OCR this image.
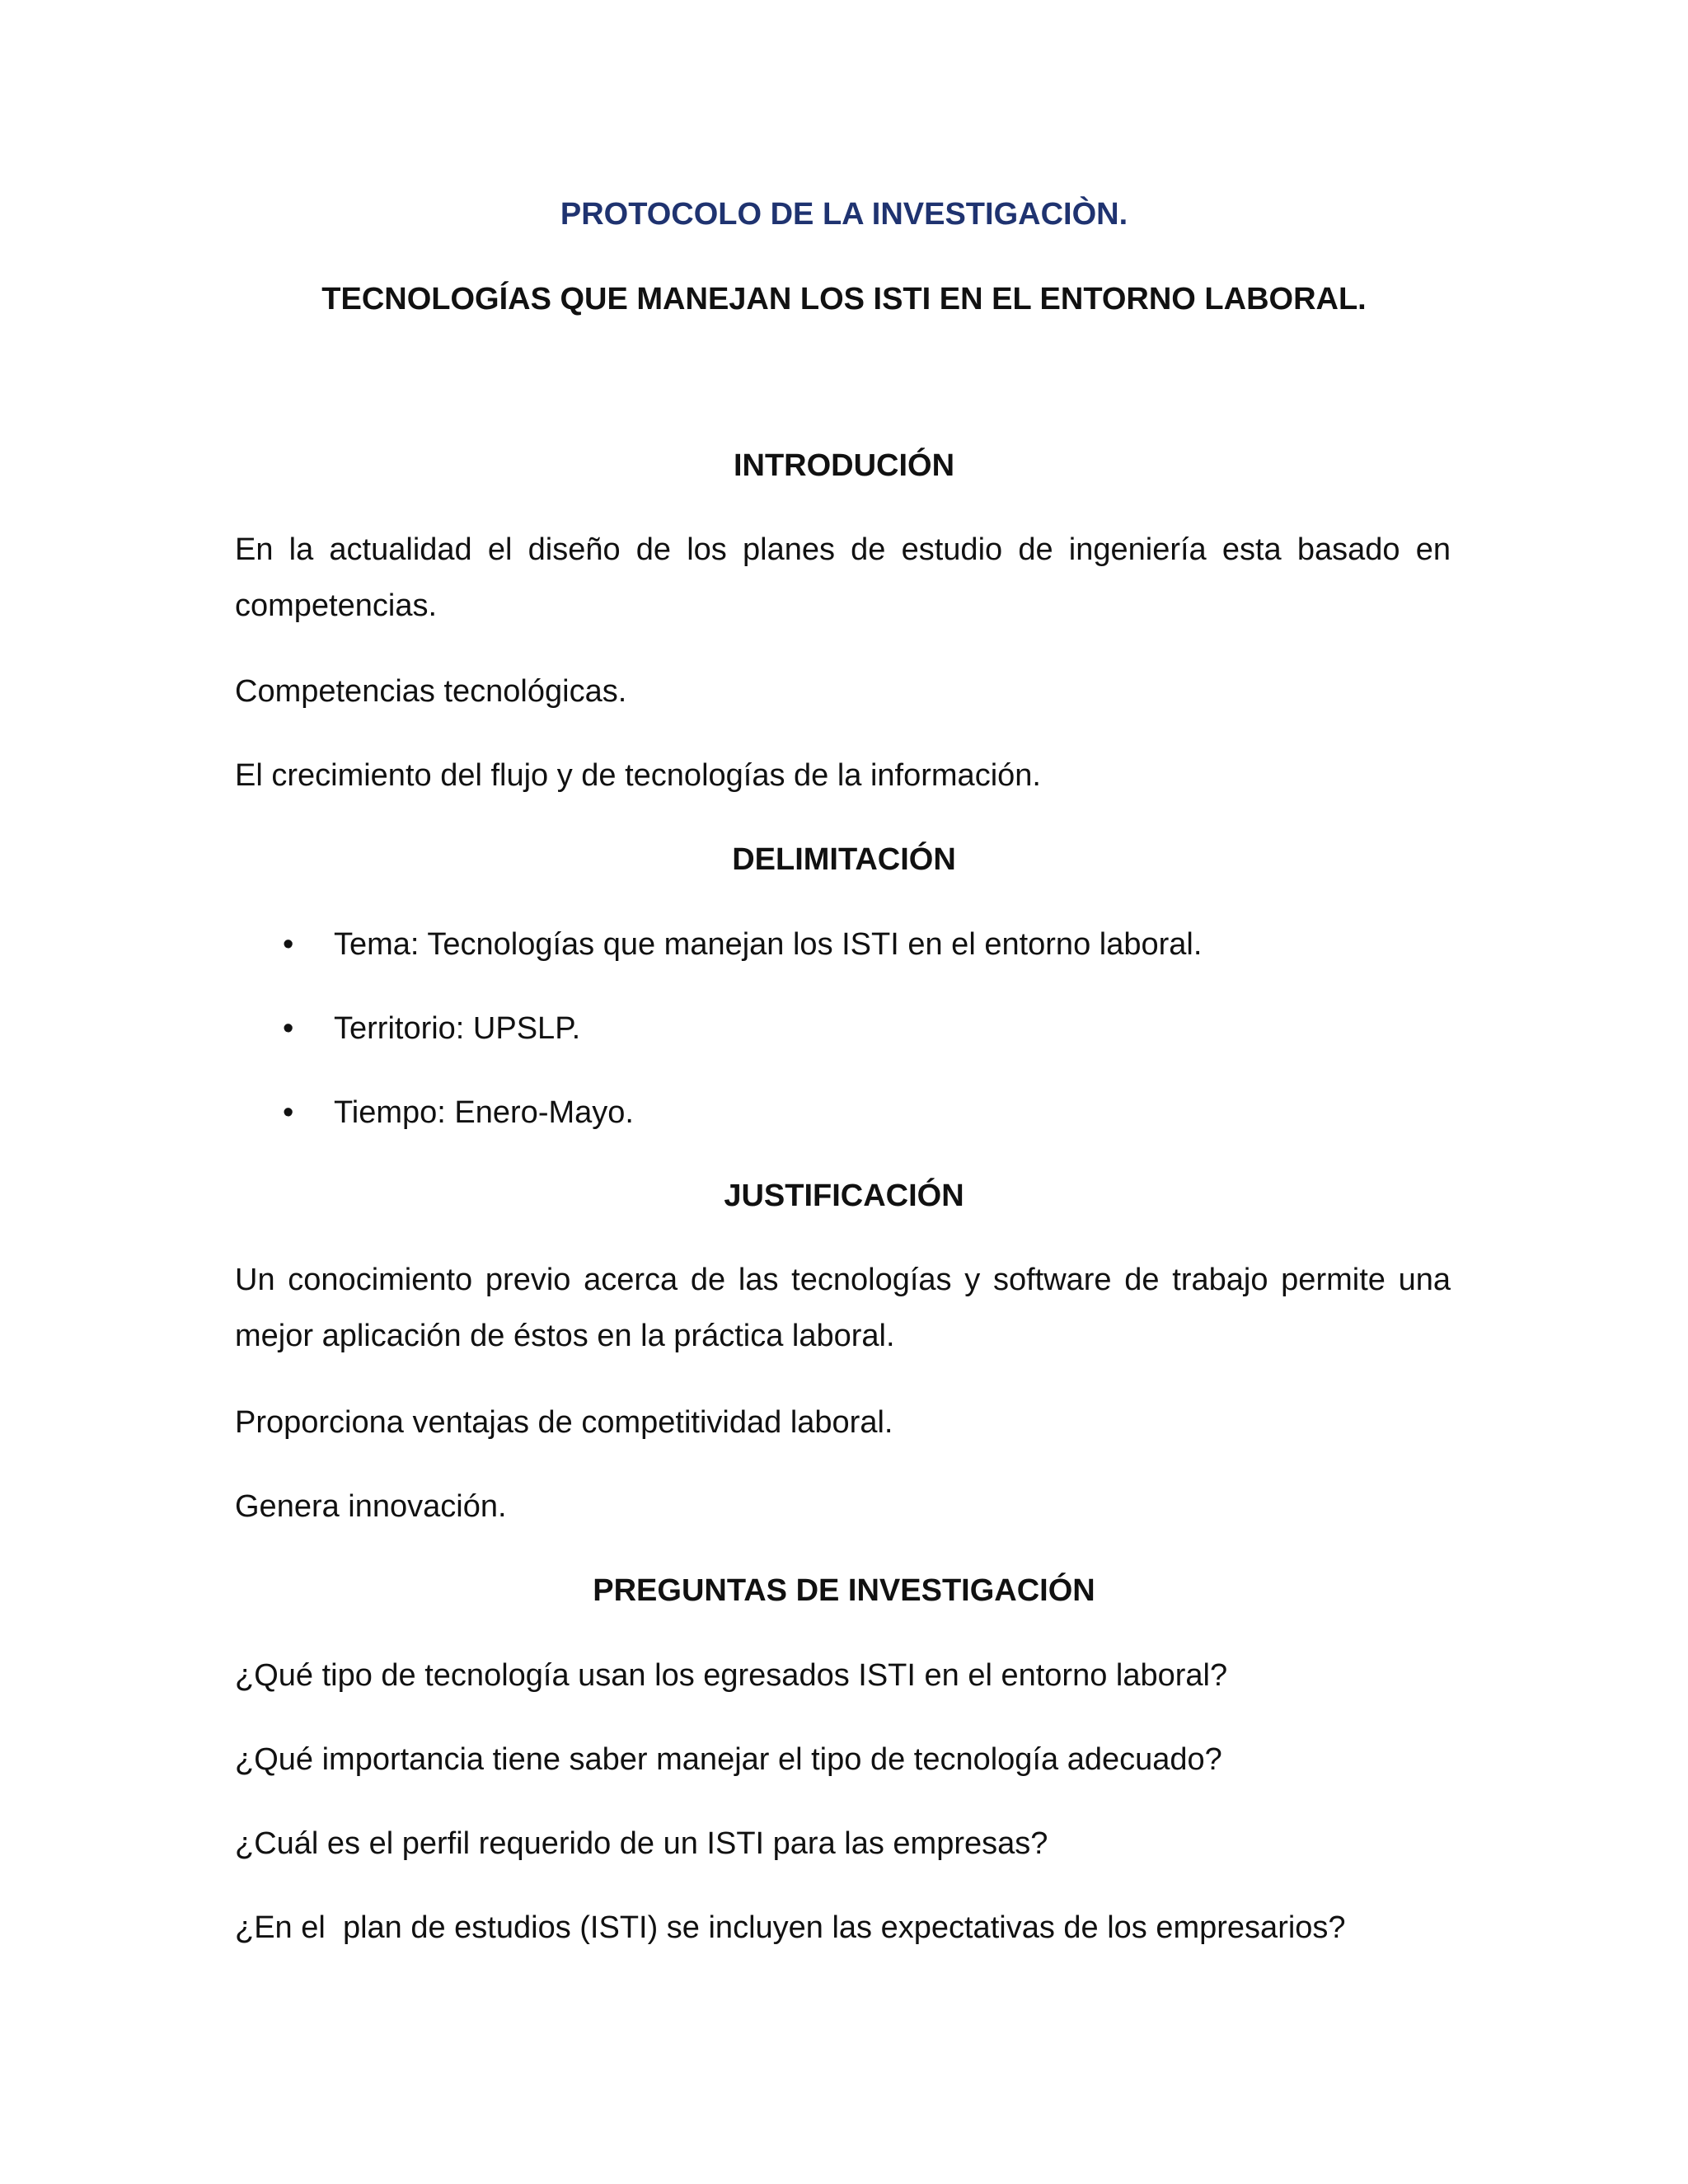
PROTOCOLO DE LA INVESTIGACIÒN.
TECNOLOGÍAS QUE MANEJAN LOS ISTI EN EL ENTORNO LABORAL.
INTRODUCIÓN

En la actualidad el diseño de los planes de estudio de ingeniería esta basado en competencias.

Competencias tecnológicas.

El crecimiento del flujo y de tecnologías de la información.

DELIMITACIÓN
• Tema: Tecnologías que manejan los ISTI en el entorno laboral.
• Territorio: UPSLP.
• Tiempo: Enero-Mayo.
JUSTIFICACIÓN

Un conocimiento previo acerca de las tecnologías y software de trabajo permite una mejor aplicación de éstos en la práctica laboral.

Proporciona ventajas de competitividad laboral.

Genera innovación.

PREGUNTAS DE INVESTIGACIÓN

¿Qué tipo de tecnología usan los egresados ISTI en el entorno laboral?

¿Qué importancia tiene saber manejar el tipo de tecnología adecuado?

¿Cuál es el perfil requerido de un ISTI para las empresas?

¿En el  plan de estudios (ISTI) se incluyen las expectativas de los empresarios?
